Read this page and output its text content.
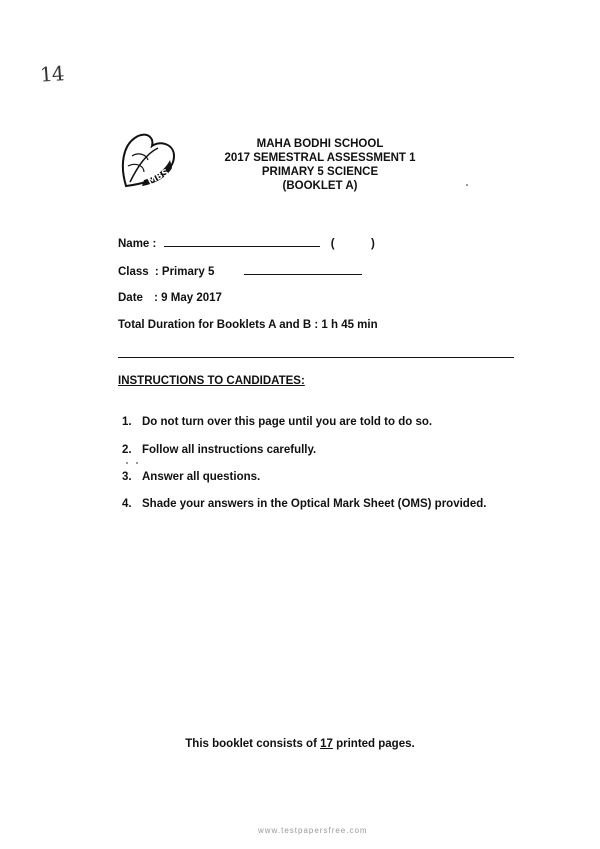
14
MBS
MAHA BODHI SCHOOL
2017 SEMESTRAL ASSESSMENT 1
PRIMARY 5 SCIENCE
(BOOKLET A)
Name :	(	)
Class : Primary 5
Date : 9 May 2017
Total Duration for Booklets A and B : 1 h 45 min
INSTRUCTIONS TO CANDIDATES:
1. Do not turn over this page until you are told to do so.
2. Follow all instructions carefully.
3. Answer all questions.
4. Shade your answers in the Optical Mark Sheet (OMS) provided.
This booklet consists of 17 printed pages.
www.testpapersfree.com
